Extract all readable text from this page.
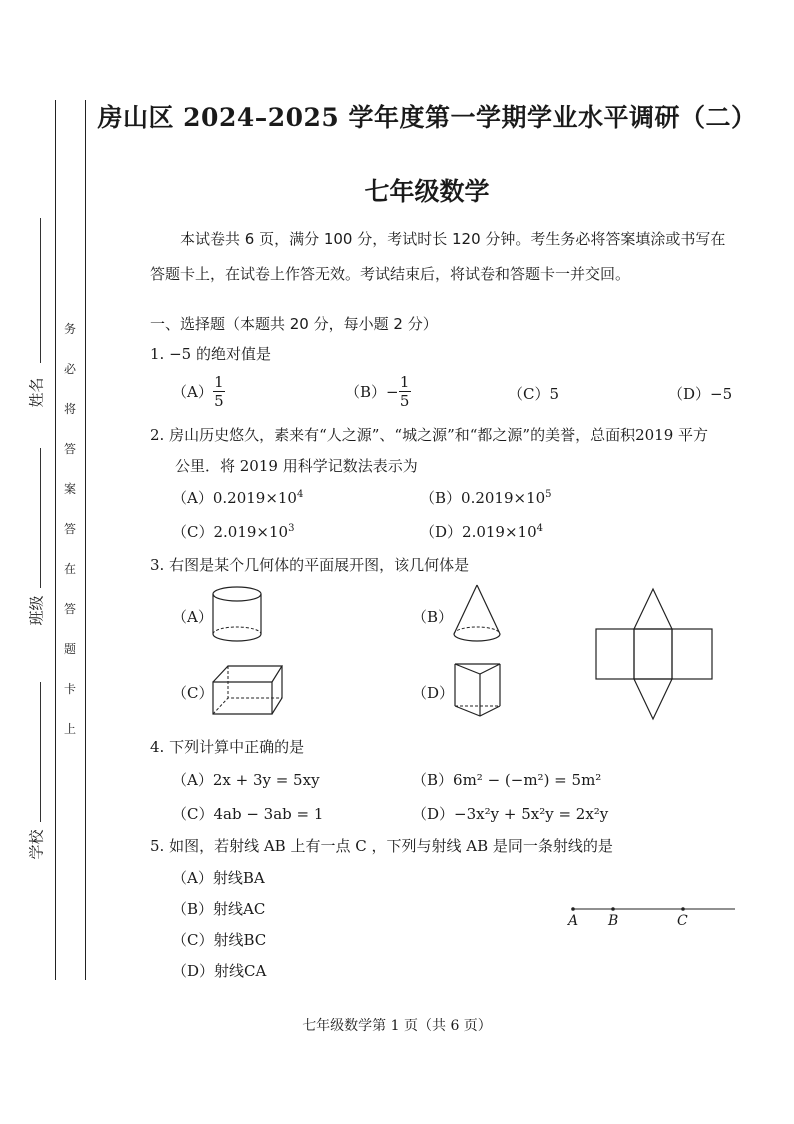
务
必
将
答
案
答
在
答
题
卡
上
姓名
班级
学校
房山区 2024–2025 学年度第一学期学业水平调研（二）
七年级数学
本试卷共 6 页，满分 100 分，考试时长 120 分钟。考生务必将答案填涂或书写在答题卡上，在试卷上作答无效。考试结束后，将试卷和答题卡一并交回。
一、选择题（本题共 20 分，每小题 2 分）
1. −5 的绝对值是
$(A) \frac{1}{5}$	$(B) - \frac{1}{5}$	（C）5	（D）−5
2. 房山历史悠久，素来有“人之源”、“城之源”和“都之源”的美誉，总面积2019 平方
公里．将 2019 用科学记数法表示为
$(A)0.2019\times 10^4$	$(B)0.2019\times 10^5$
$(C)2.019\times 10^3$	$(D)2.019\times 10^4$
3. 右图是某个几何体的平面展开图，该几何体是
（A）	（B）
（C）	（D）
4. 下列计算中正确的是
（A）2x + 3y = 5xy	（B）6m² − (−m²) = 5m²
（C）4ab − 3ab = 1	（D）−3x²y + 5x²y = 2x²y
5. 如图，若射线 AB 上有一点 C ，下列与射线 AB 是同一条射线的是
（A）射线BA
（B）射线AC
（C）射线BC
（D）射线CA
A B	C
七年级数学第 1 页（共 6 页）
